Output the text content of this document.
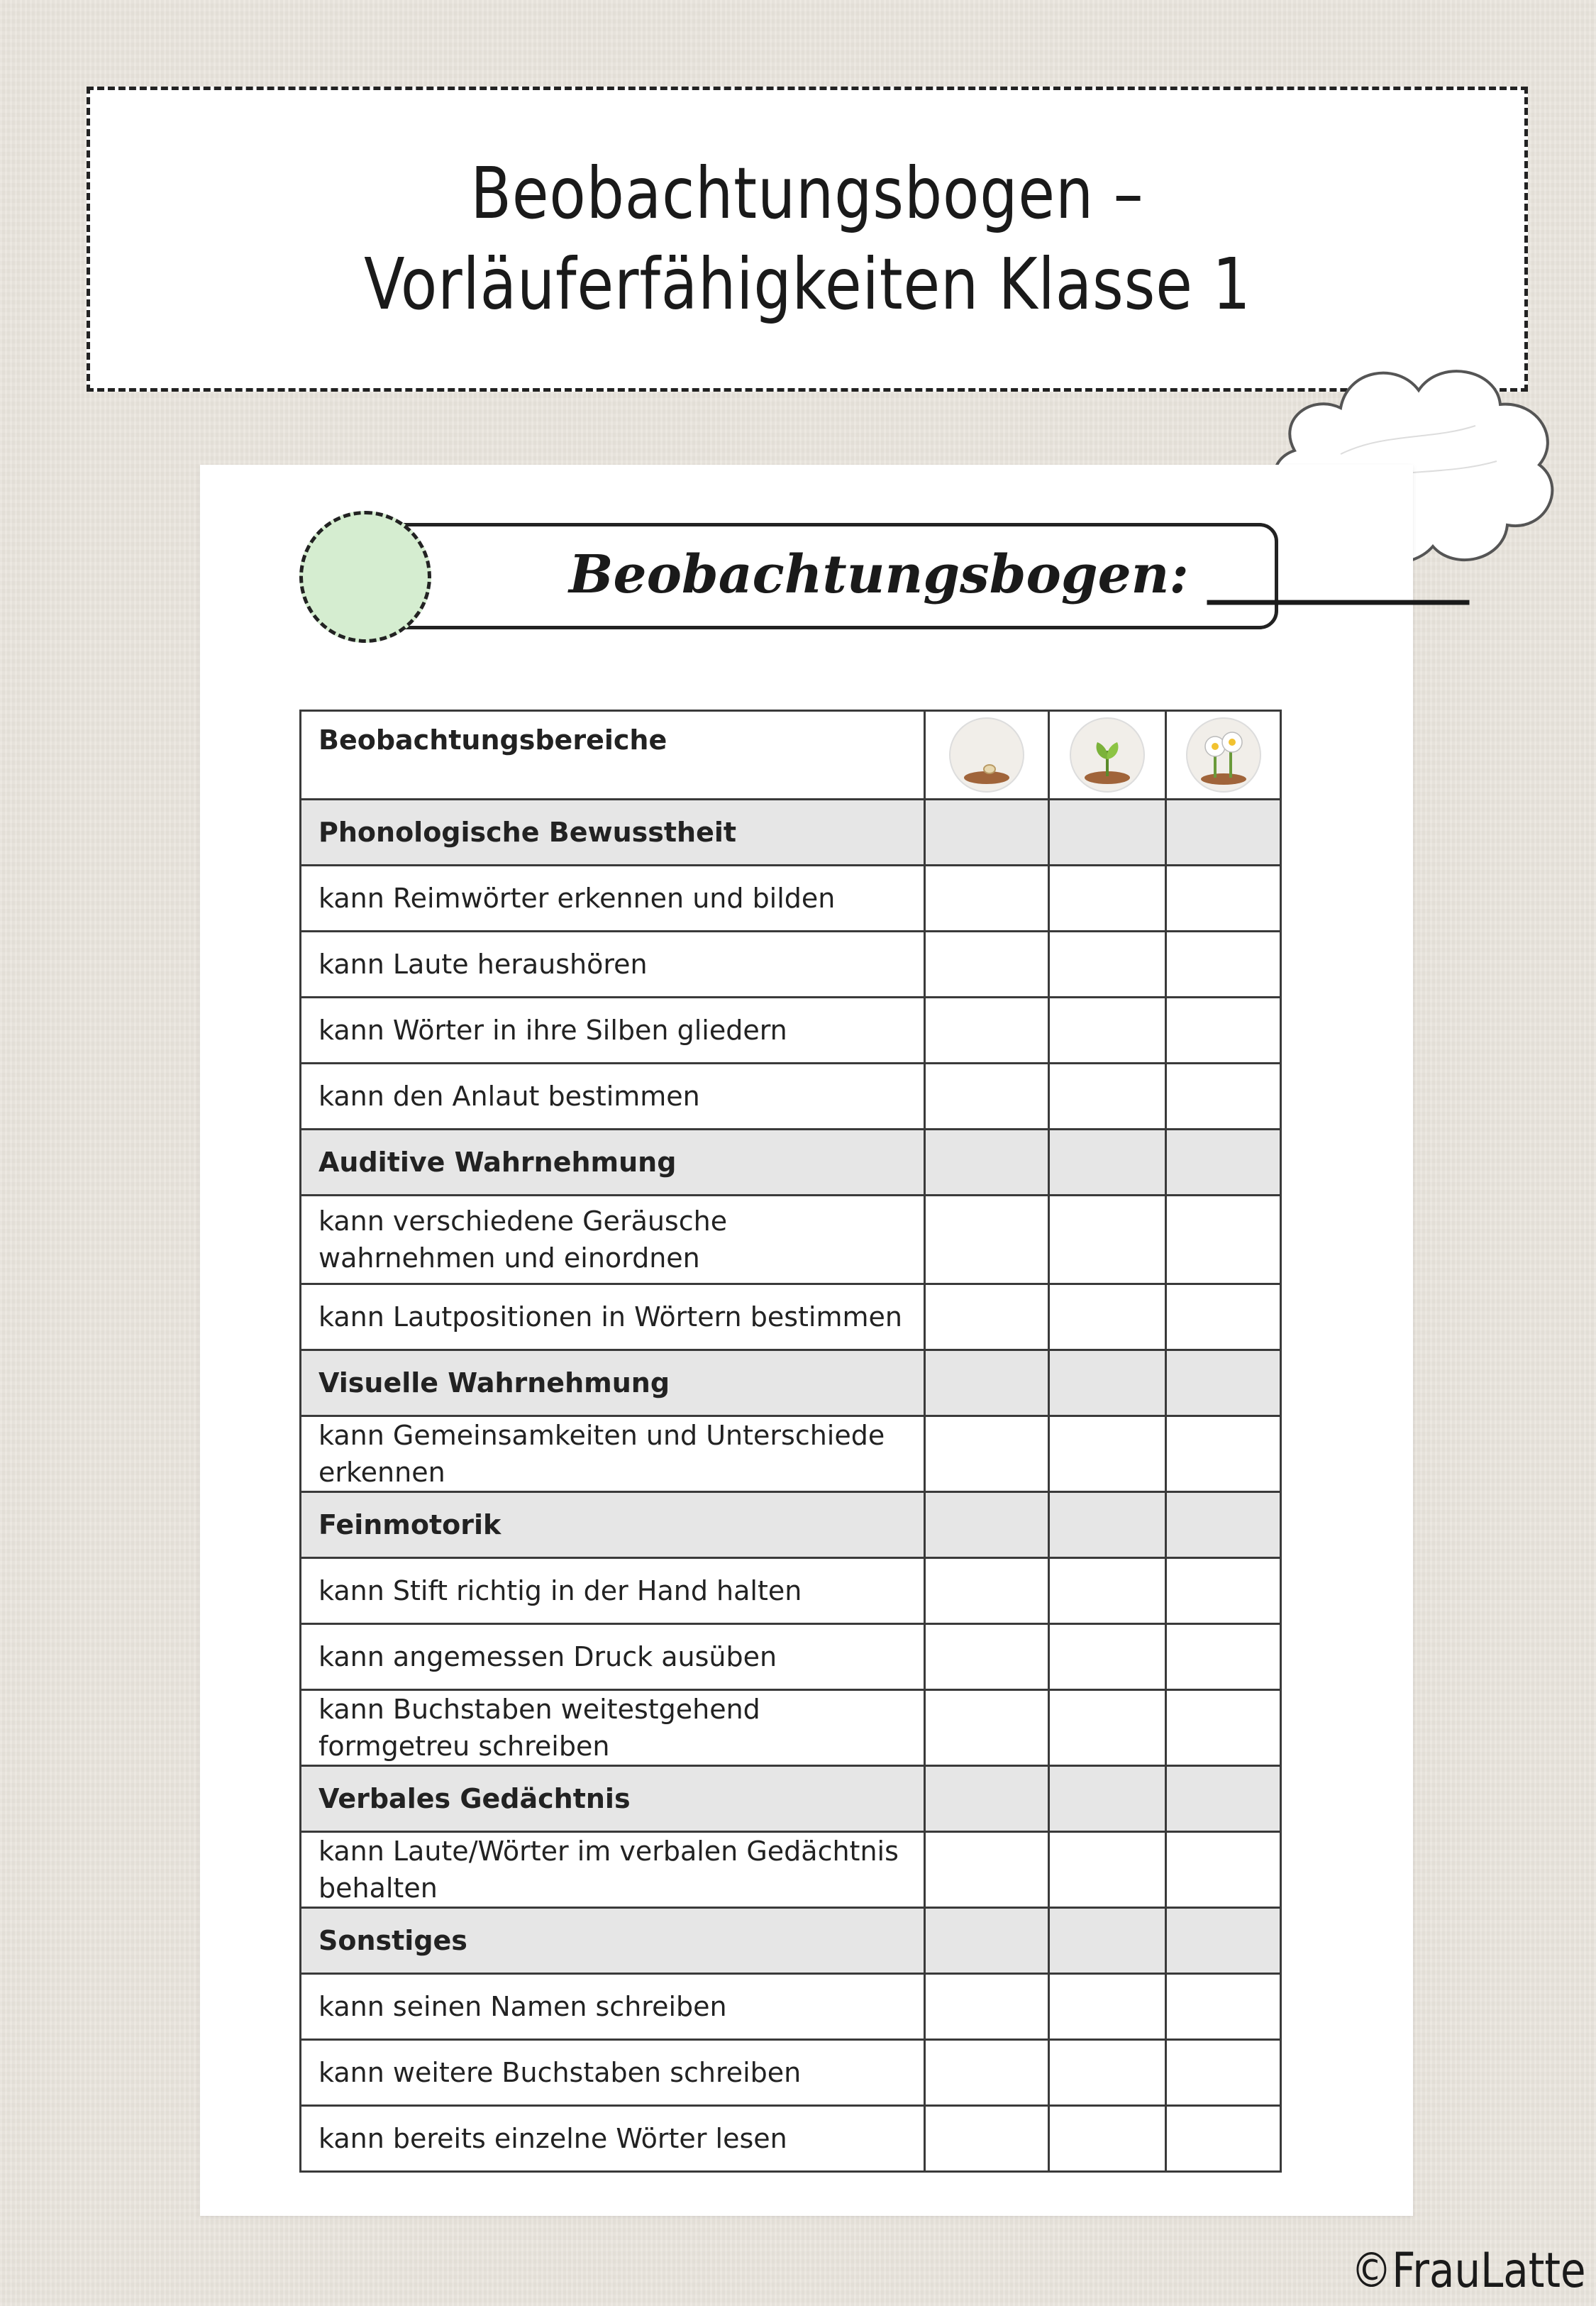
Beobachtungsbogen –
Vorläuferfähigkeiten Klasse 1
Beobachtungsbogen: __________
Beobachtungsbereiche	

Phonologische Bewusstheit			
kann Reimwörter erkennen und bilden			
kann Laute heraushören			
kann Wörter in ihre Silben gliedern			
kann den Anlaut bestimmen			
Auditive Wahrnehmung			
kann verschiedene Geräusche wahrnehmen und einordnen			
kann Lautpositionen in Wörtern bestimmen			
Visuelle Wahrnehmung			
kann Gemeinsamkeiten und Unterschiede erkennen			
Feinmotorik			
kann Stift richtig in der Hand halten			
kann angemessen Druck ausüben			
kann Buchstaben weitestgehend formgetreu schreiben			
Verbales Gedächtnis			
kann Laute/Wörter im verbalen Gedächtnis behalten			
Sonstiges			
kann seinen Namen schreiben			
kann weitere Buchstaben schreiben			
kann bereits einzelne Wörter lesen			
©FrauLatte
